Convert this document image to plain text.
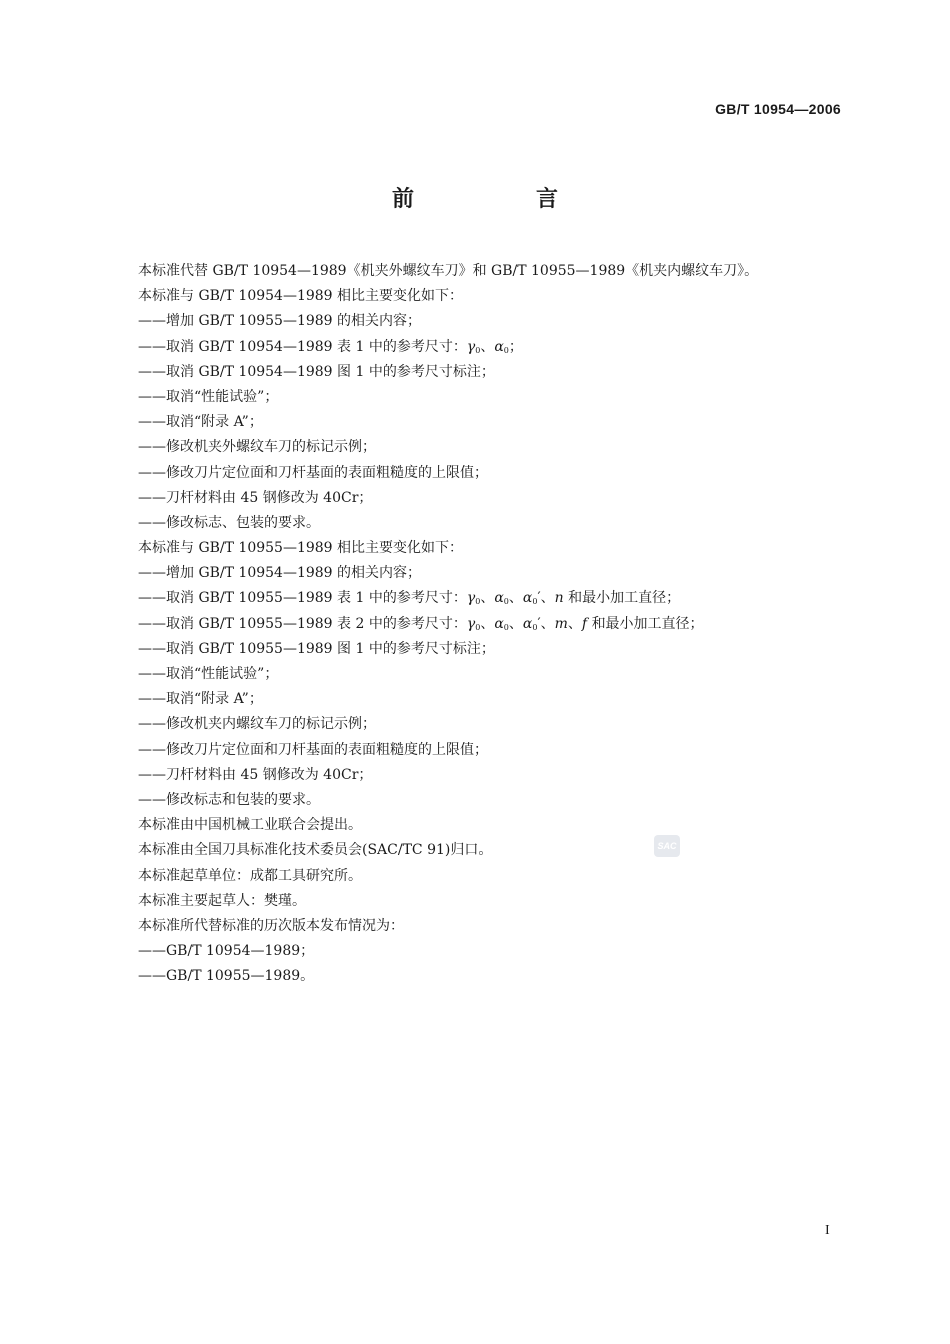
GB/T 10954—2006
前　言
本标准代替 GB/T 10954—1989《机夹外螺纹车刀》和 GB/T 10955—1989《机夹内螺纹车刀》。
本标准与 GB/T 10954—1989 相比主要变化如下：
——增加 GB/T 10955—1989 的相关内容；
——取消 GB/T 10954—1989 表 1 中的参考尺寸：$\gamma_0$、$\alpha_0$；
——取消 GB/T 10954—1989 图 1 中的参考尺寸标注；
——取消“性能试验”；
——取消“附录 A”；
——修改机夹外螺纹车刀的标记示例；
——修改刀片定位面和刀杆基面的表面粗糙度的上限值；
——刀杆材料由 45 钢修改为 40Cr；
——修改标志、包装的要求。
本标准与 GB/T 10955—1989 相比主要变化如下：
——增加 GB/T 10954—1989 的相关内容；
——取消 GB/T 10955—1989 表 1 中的参考尺寸：$\gamma_0$、$\alpha_0$、$\alpha_0'$、n 和最小加工直径；
——取消 GB/T 10955—1989 表 2 中的参考尺寸：$\gamma_0$、$\alpha_0$、$\alpha_0'$、m、f 和最小加工直径；
——取消 GB/T 10955—1989 图 1 中的参考尺寸标注；
——取消“性能试验”；
——取消“附录 A”；
——修改机夹内螺纹车刀的标记示例；
——修改刀片定位面和刀杆基面的表面粗糙度的上限值；
——刀杆材料由 45 钢修改为 40Cr；
——修改标志和包装的要求。
本标准由中国机械工业联合会提出。
本标准由全国刀具标准化技术委员会(SAC/TC 91)归口。
本标准起草单位：成都工具研究所。
本标准主要起草人：樊瑾。
本标准所代替标准的历次版本发布情况为：
——GB/T 10954—1989；
——GB/T 10955—1989。
SAC
I
